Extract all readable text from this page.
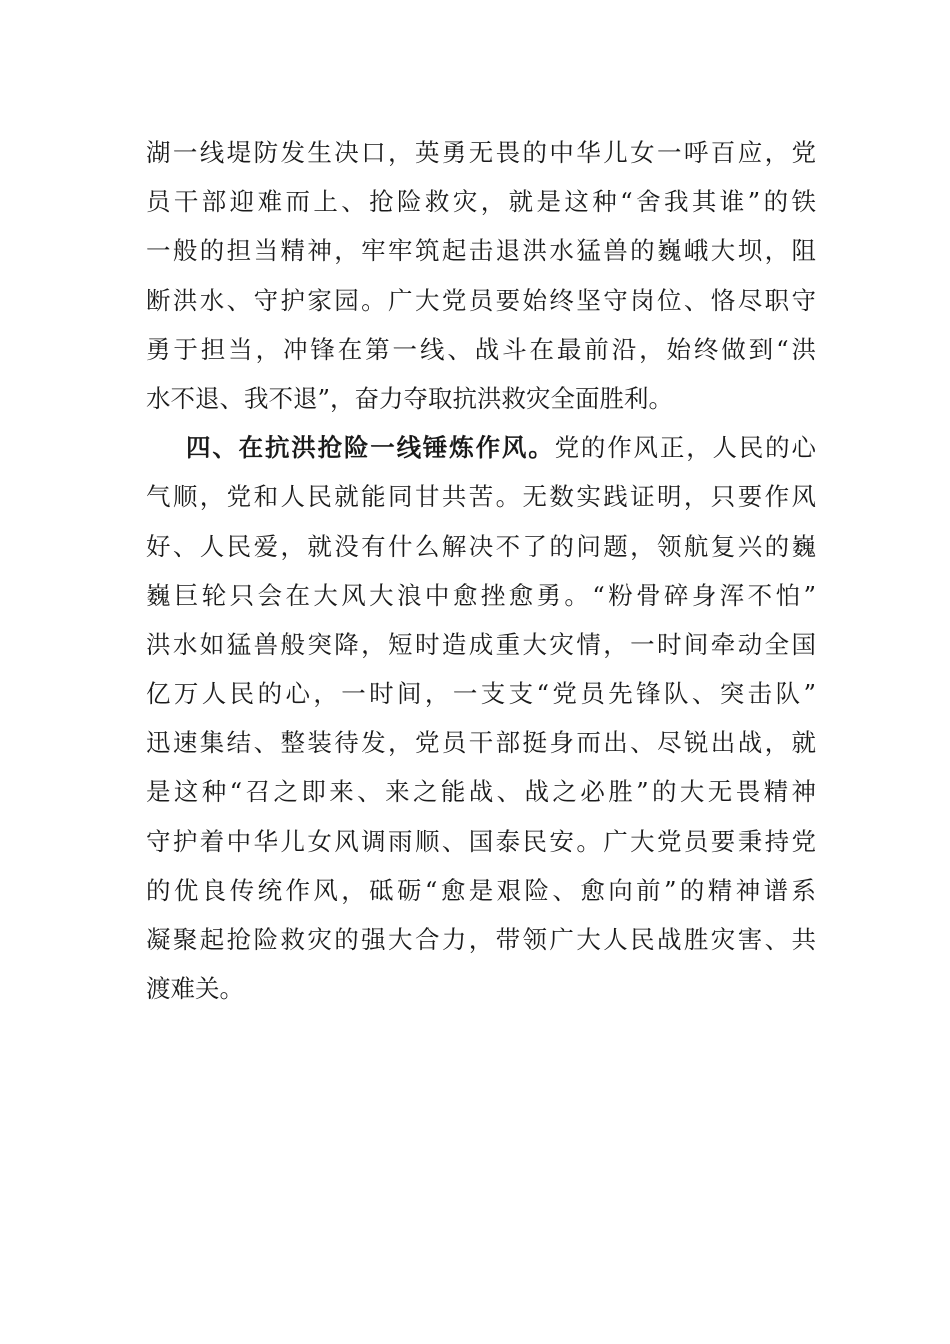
湖一线堤防发生决口，英勇无畏的中华儿女一呼百应，党
员干部迎难而上、抢险救灾，就是这种“舍我其谁”的铁
一般的担当精神，牢牢筑起击退洪水猛兽的巍峨大坝，阻
断洪水、守护家园。广大党员要始终坚守岗位、恪尽职守
勇于担当，冲锋在第一线、战斗在最前沿，始终做到“洪
水不退、我不退”，奋力夺取抗洪救灾全面胜利。
四、在抗洪抢险一线锤炼作风。党的作风正，人民的心
气顺，党和人民就能同甘共苦。无数实践证明，只要作风
好、人民爱，就没有什么解决不了的问题，领航复兴的巍
巍巨轮只会在大风大浪中愈挫愈勇。“粉骨碎身浑不怕”
洪水如猛兽般突降，短时造成重大灾情，一时间牵动全国
亿万人民的心，一时间，一支支“党员先锋队、突击队”
迅速集结、整装待发，党员干部挺身而出、尽锐出战，就
是这种“召之即来、来之能战、战之必胜”的大无畏精神
守护着中华儿女风调雨顺、国泰民安。广大党员要秉持党
的优良传统作风，砥砺“愈是艰险、愈向前”的精神谱系
凝聚起抢险救灾的强大合力，带领广大人民战胜灾害、共
渡难关。
